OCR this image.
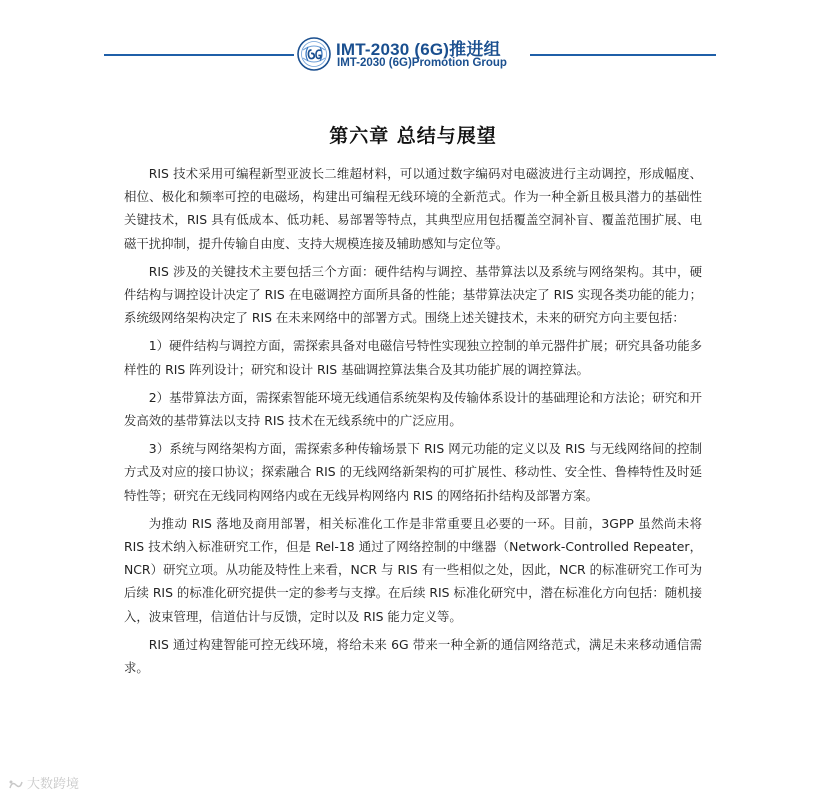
IMT-2030 (6G)推进组
IMT-2030 (6G)Promotion Group
第六章 总结与展望

RIS 技术采用可编程新型亚波长二维超材料，可以通过数字编码对电磁波进行主动调控，形成幅度、相位、极化和频率可控的电磁场，构建出可编程无线环境的全新范式。作为一种全新且极具潜力的基础性关键技术，RIS 具有低成本、低功耗、易部署等特点，其典型应用包括覆盖空洞补盲、覆盖范围扩展、电磁干扰抑制，提升传输自由度、支持大规模连接及辅助感知与定位等。

RIS 涉及的关键技术主要包括三个方面：硬件结构与调控、基带算法以及系统与网络架构。其中，硬件结构与调控设计决定了 RIS 在电磁调控方面所具备的性能；基带算法决定了 RIS 实现各类功能的能力；系统级网络架构决定了 RIS 在未来网络中的部署方式。围绕上述关键技术，未来的研究方向主要包括：

1）硬件结构与调控方面，需探索具备对电磁信号特性实现独立控制的单元器件扩展；研究具备功能多样性的 RIS 阵列设计；研究和设计 RIS 基础调控算法集合及其功能扩展的调控算法。

2）基带算法方面，需探索智能环境无线通信系统架构及传输体系设计的基础理论和方法论；研究和开发高效的基带算法以支持 RIS 技术在无线系统中的广泛应用。

3）系统与网络架构方面，需探索多种传输场景下 RIS 网元功能的定义以及 RIS 与无线网络间的控制方式及对应的接口协议；探索融合 RIS 的无线网络新架构的可扩展性、移动性、安全性、鲁棒特性及时延特性等；研究在无线同构网络内或在无线异构网络内 RIS 的网络拓扑结构及部署方案。

为推动 RIS 落地及商用部署，相关标准化工作是非常重要且必要的一环。目前，3GPP 虽然尚未将 RIS 技术纳入标准研究工作，但是 Rel-18 通过了网络控制的中继器（Network-Controlled Repeater，NCR）研究立项。从功能及特性上来看，NCR 与 RIS 有一些相似之处，因此，NCR 的标准研究工作可为后续 RIS 的标准化研究提供一定的参考与支撑。在后续 RIS 标准化研究中，潜在标准化方向包括：随机接入，波束管理，信道估计与反馈，定时以及 RIS 能力定义等。

RIS 通过构建智能可控无线环境，将给未来 6G 带来一种全新的通信网络范式，满足未来移动通信需求。

大数跨境
